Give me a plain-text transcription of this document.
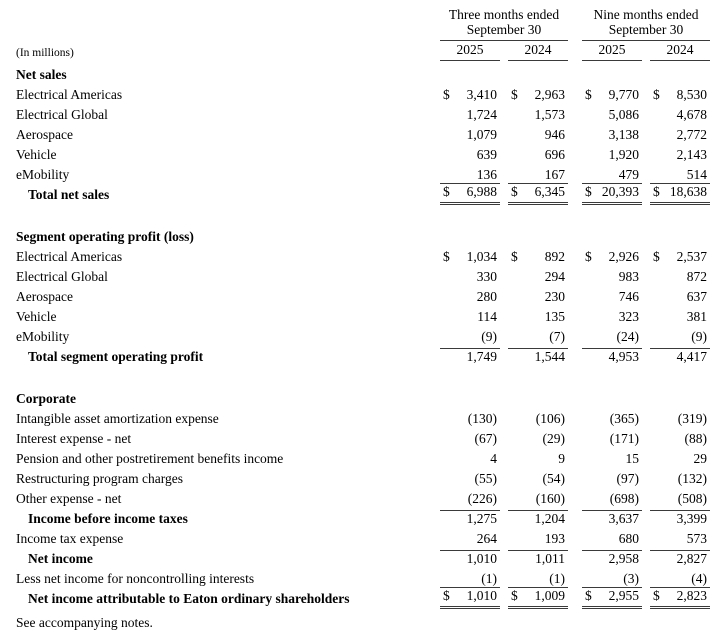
Three months ended
September 30
Nine months ended
September 30
(In millions)	2025	2024	2025	2024
Net sales
Electrical Americas	$ 3,410 $ 2,963 $ 9,770 $ 8,530
Electrical Global	1,724	1,573	5,086	4,678
Aerospace	1,079	946	3,138	2,772
Vehicle	639	696	1,920	2,143
eMobility	136	167	479	514
Total net sales	$ 6,988 $ 6,345 $ 20,393 $ 18,638
Segment operating profit (loss)
Electrical Americas	$ 1,034 $ 892 $ 2,926 $ 2,537
Electrical Global	330	294	983	872
Aerospace	280	230	746	637
Vehicle	114	135	323	381
eMobility	(9)	(7)	(24)	(9)
Total segment operating profit	1,749	1,544	4,953	4,417
Corporate
Intangible asset amortization expense	(130)	(106)	(365)	(319)
Interest expense - net	(67)	(29)	(171)	(88)
Pension and other postretirement benefits income	4	9	15	29
Restructuring program charges	(55)	(54)	(97)	(132)
Other expense - net	(226)	(160)	(698)	(508)
Income before income taxes	1,275	1,204	3,637	3,399
Income tax expense	264	193	680	573
Net income	1,010	1,011	2,958	2,827
Less net income for noncontrolling interests	(1)	(1)	(3)	(4)
Net income attributable to Eaton ordinary shareholders	$ 1,010 $ 1,009 $ 2,955 $ 2,823
See accompanying notes.
